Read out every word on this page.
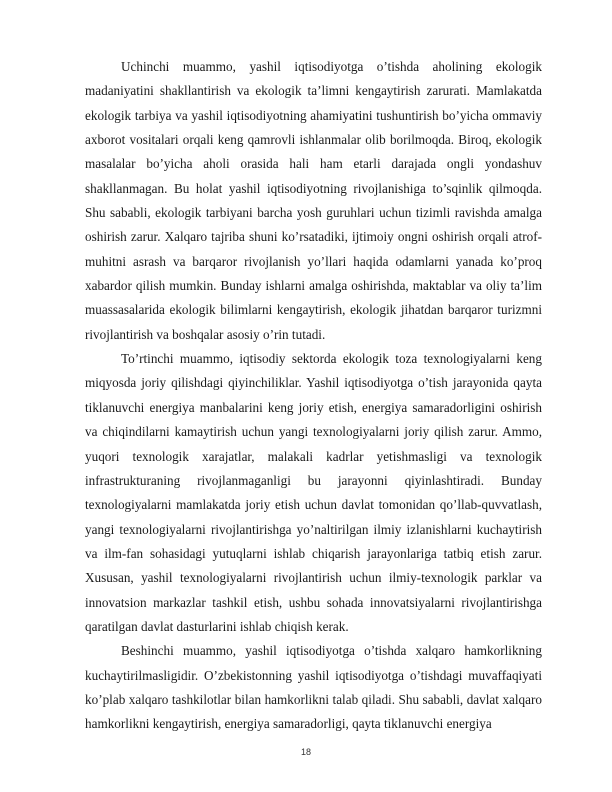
Uchinchi muammo, yashil iqtisodiyotga o’tishda aholining ekologik madaniyatini shakllantirish va ekologik ta’limni kengaytirish zarurati. Mamlakatda ekologik tarbiya va yashil iqtisodiyotning ahamiyatini tushuntirish bo’yicha ommaviy axborot vositalari orqali keng qamrovli ishlanmalar olib borilmoqda. Biroq, ekologik masalalar bo’yicha aholi orasida hali ham etarli darajada ongli yondashuv shakllanmagan. Bu holat yashil iqtisodiyotning rivojlanishiga to’sqinlik qilmoqda. Shu sababli, ekologik tarbiyani barcha yosh guruhlari uchun tizimli ravishda amalga oshirish zarur. Xalqaro tajriba shuni ko’rsatadiki, ijtimoiy ongni oshirish orqali atrof-muhitni asrash va barqaror rivojlanish yo’llari haqida odamlarni yanada ko’proq xabardor qilish mumkin. Bunday ishlarni amalga oshirishda, maktablar va oliy ta’lim muassasalarida ekologik bilimlarni kengaytirish, ekologik jihatdan barqaror turizmni rivojlantirish va boshqalar asosiy o’rin tutadi.

To’rtinchi muammo, iqtisodiy sektorda ekologik toza texnologiyalarni keng miqyosda joriy qilishdagi qiyinchiliklar. Yashil iqtisodiyotga o’tish jarayonida qayta tiklanuvchi energiya manbalarini keng joriy etish, energiya samaradorligini oshirish va chiqindilarni kamaytirish uchun yangi texnologiyalarni joriy qilish zarur. Ammo, yuqori texnologik xarajatlar, malakali kadrlar yetishmasligi va texnologik infrastrukturaning rivojlanmaganligi bu jarayonni qiyinlashtiradi. Bunday texnologiyalarni mamlakatda joriy etish uchun davlat tomonidan qo’llab-quvvatlash, yangi texnologiyalarni rivojlantirishga yo’naltirilgan ilmiy izlanishlarni kuchaytirish va ilm-fan sohasidagi yutuqlarni ishlab chiqarish jarayonlariga tatbiq etish zarur. Xususan, yashil texnologiyalarni rivojlantirish uchun ilmiy-texnologik parklar va innovatsion markazlar tashkil etish, ushbu sohada innovatsiyalarni rivojlantirishga qaratilgan davlat dasturlarini ishlab chiqish kerak.

Beshinchi muammo, yashil iqtisodiyotga o’tishda xalqaro hamkorlikning kuchaytirilmasligidir. O’zbekistonning yashil iqtisodiyotga o’tishdagi muvaffaqiyati ko’plab xalqaro tashkilotlar bilan hamkorlikni talab qiladi. Shu sababli, davlat xalqaro hamkorlikni kengaytirish, energiya samaradorligi, qayta tiklanuvchi energiya

18
